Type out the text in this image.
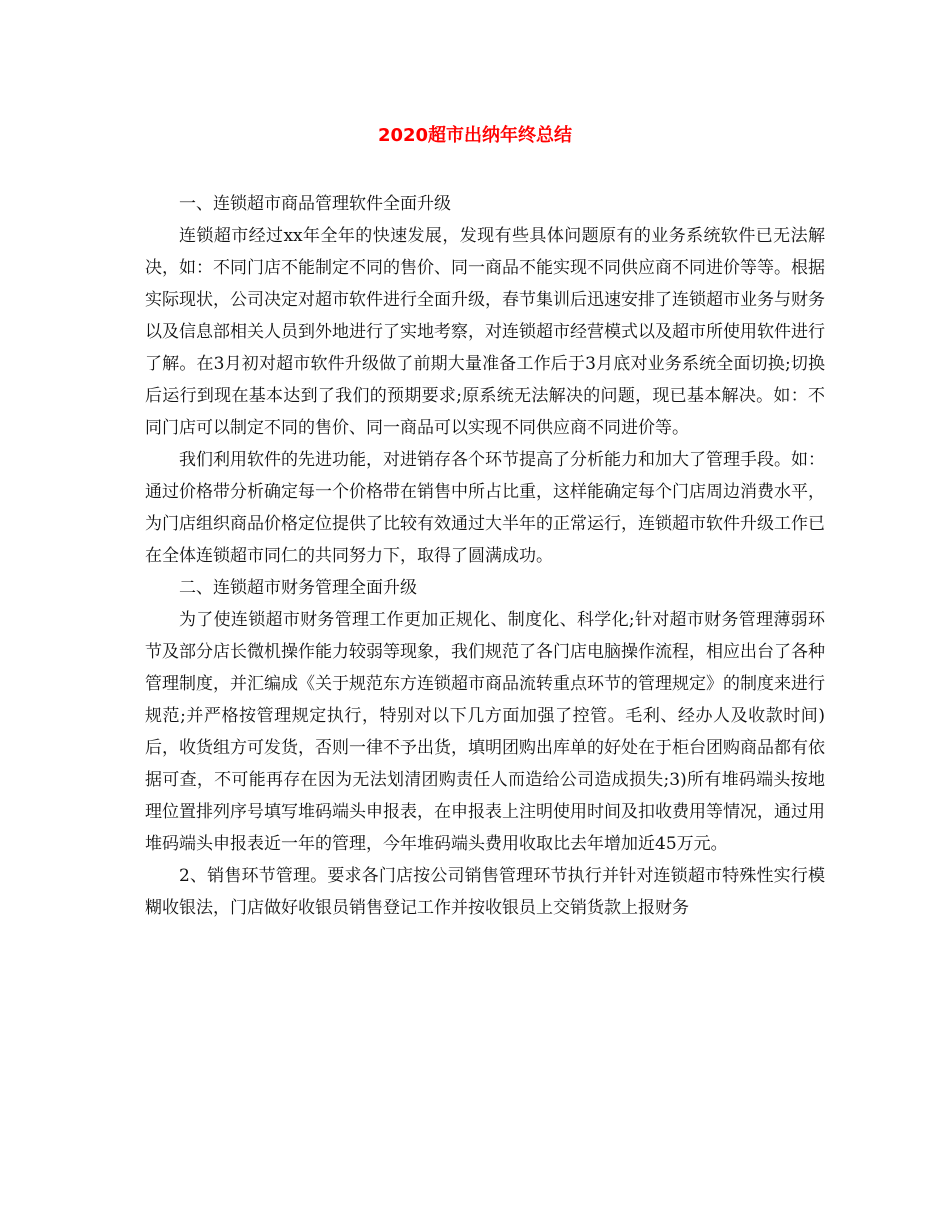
2020超市出纳年终总结

一、连锁超市商品管理软件全面升级

连锁超市经过xx年全年的快速发展，发现有些具体问题原有的业务系统软件已无法解决，如：不同门店不能制定不同的售价、同一商品不能实现不同供应商不同进价等等。根据实际现状，公司决定对超市软件进行全面升级，春节集训后迅速安排了连锁超市业务与财务以及信息部相关人员到外地进行了实地考察，对连锁超市经营模式以及超市所使用软件进行了解。在3月初对超市软件升级做了前期大量准备工作后于3月底对业务系统全面切换;切换后运行到现在基本达到了我们的预期要求;原系统无法解决的问题，现已基本解决。如：不同门店可以制定不同的售价、同一商品可以实现不同供应商不同进价等。

我们利用软件的先进功能，对进销存各个环节提高了分析能力和加大了管理手段。如：通过价格带分析确定每一个价格带在销售中所占比重，这样能确定每个门店周边消费水平，为门店组织商品价格定位提供了比较有效通过大半年的正常运行，连锁超市软件升级工作已在全体连锁超市同仁的共同努力下，取得了圆满成功。

二、连锁超市财务管理全面升级

为了使连锁超市财务管理工作更加正规化、制度化、科学化;针对超市财务管理薄弱环节及部分店长微机操作能力较弱等现象，我们规范了各门店电脑操作流程，相应出台了各种管理制度，并汇编成《关于规范东方连锁超市商品流转重点环节的管理规定》的制度来进行规范;并严格按管理规定执行，特别对以下几方面加强了控管。毛利、经办人及收款时间)后，收货组方可发货，否则一律不予出货，填明团购出库单的好处在于柜台团购商品都有依据可查，不可能再存在因为无法划清团购责任人而造给公司造成损失;3)所有堆码端头按地理位置排列序号填写堆码端头申报表，在申报表上注明使用时间及扣收费用等情况，通过用堆码端头申报表近一年的管理，今年堆码端头费用收取比去年增加近45万元。

2、销售环节管理。要求各门店按公司销售管理环节执行并针对连锁超市特殊性实行模糊收银法，门店做好收银员销售登记工作并按收银员上交销货款上报财务
